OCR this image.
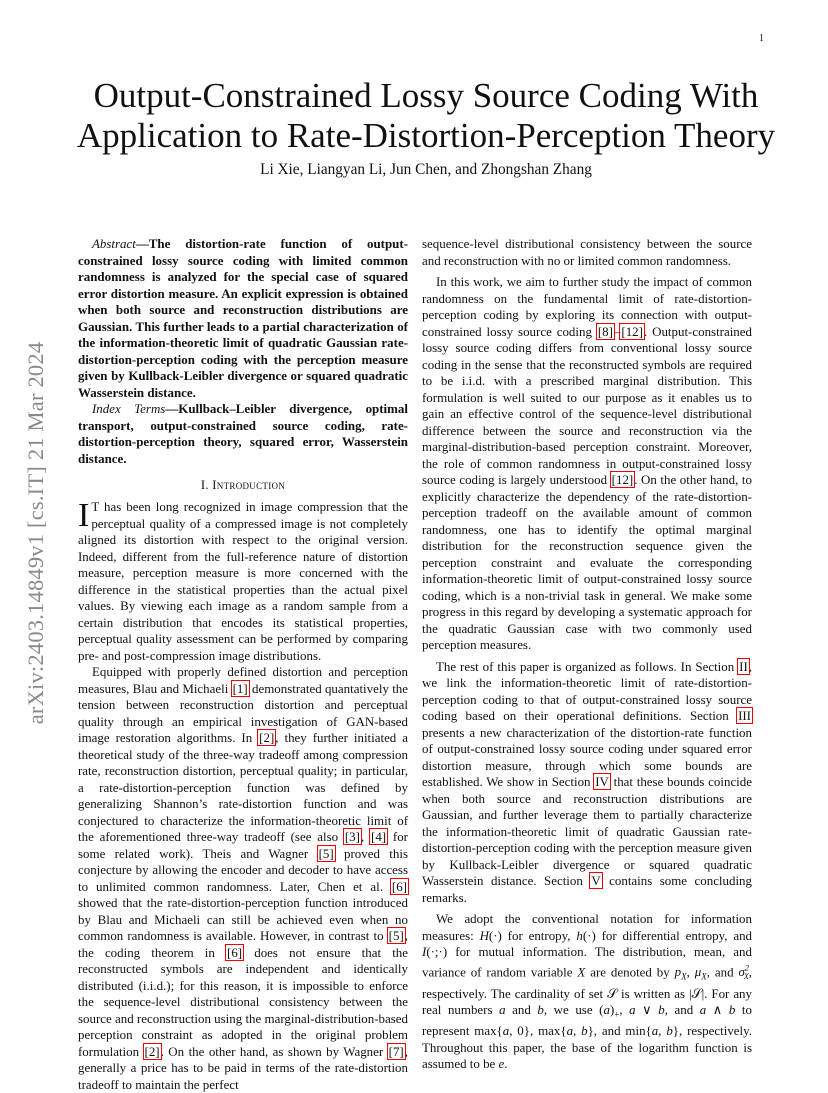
1
arXiv:2403.14849v1 [cs.IT] 21 Mar 2024
Output-Constrained Lossy Source Coding With
Application to Rate-Distortion-Perception Theory
Li Xie, Liangyan Li, Jun Chen, and Zhongshan Zhang

Abstract—The distortion-rate function of output-constrained lossy source coding with limited common randomness is analyzed for the special case of squared error distortion measure. An explicit expression is obtained when both source and reconstruction distributions are Gaussian. This further leads to a partial characterization of the information-theoretic limit of quadratic Gaussian rate-distortion-perception coding with the perception measure given by Kullback-Leibler divergence or squared quadratic Wasserstein distance.

Index Terms—Kullback–Leibler divergence, optimal transport, output-constrained source coding, rate-distortion-perception theory, squared error, Wasserstein distance.

I. Introduction

I T has been long recognized in image compression that the perceptual quality of a compressed image is not completely aligned its distortion with respect to the original version. Indeed, different from the full-reference nature of distortion measure, perception measure is more concerned with the difference in the statistical properties than the actual pixel values. By viewing each image as a random sample from a certain distribution that encodes its statistical properties, perceptual quality assessment can be performed by comparing pre- and post-compression image distributions.

Equipped with properly defined distortion and perception measures, Blau and Michaeli [1] demonstrated quantatively the tension between reconstruction distortion and perceptual quality through an empirical investigation of GAN-based image restoration algorithms. In [2], they further initiated a theoretical study of the three-way tradeoff among compression rate, reconstruction distortion, perceptual quality; in particular, a rate-distortion-perception function was defined by generalizing Shannon’s rate-distortion function and was conjectured to characterize the information-theoretic limit of the aforementioned three-way tradeoff (see also [3], [4] for some related work). Theis and Wagner [5] proved this conjecture by allowing the encoder and decoder to have access to unlimited common randomness. Later, Chen et al. [6] showed that the rate-distortion-perception function introduced by Blau and Michaeli can still be achieved even when no common randomness is available. However, in contrast to [5], the coding theorem in [6] does not ensure that the reconstructed symbols are independent and identically distributed (i.i.d.); for this reason, it is impossible to enforce the sequence-level distributional consistency between the source and reconstruction using the marginal-distribution-based perception constraint as adopted in the original problem formulation [2]. On the other hand, as shown by Wagner [7], generally a price has to be paid in terms of the rate-distortion tradeoff to maintain the perfect

sequence-level distributional consistency between the source and reconstruction with no or limited common randomness.

In this work, we aim to further study the impact of common randomness on the fundamental limit of rate-distortion-perception coding by exploring its connection with output-constrained lossy source coding [8]–[12]. Output-constrained lossy source coding differs from conventional lossy source coding in the sense that the reconstructed symbols are required to be i.i.d. with a prescribed marginal distribution. This formulation is well suited to our purpose as it enables us to gain an effective control of the sequence-level distributional difference between the source and reconstruction via the marginal-distribution-based perception constraint. Moreover, the role of common randomness in output-constrained lossy source coding is largely understood [12]. On the other hand, to explicitly characterize the dependency of the rate-distortion-perception tradeoff on the available amount of common randomness, one has to identify the optimal marginal distribution for the reconstruction sequence given the perception constraint and evaluate the corresponding information-theoretic limit of output-constrained lossy source coding, which is a non-trivial task in general. We make some progress in this regard by developing a systematic approach for the quadratic Gaussian case with two commonly used perception measures.

The rest of this paper is organized as follows. In Section II, we link the information-theoretic limit of rate-distortion-perception coding to that of output-constrained lossy source coding based on their operational definitions. Section III presents a new characterization of the distortion-rate function of output-constrained lossy source coding under squared error distortion measure, through which some bounds are established. We show in Section IV that these bounds coincide when both source and reconstruction distributions are Gaussian, and further leverage them to partially characterize the information-theoretic limit of quadratic Gaussian rate-distortion-perception coding with the perception measure given by Kullback-Leibler divergence or squared quadratic Wasserstein distance. Section V contains some concluding remarks.

We adopt the conventional notation for information measures: H(·) for entropy, h(·) for differential entropy, and I(·;·) for mutual information. The distribution, mean, and variance of random variable X are denoted by $p_X$, $\mu_X$, and $\sigma^2_X$, respectively. The cardinality of set 𝒮 is written as |𝒮|. For any real numbers a and b, we use $(a)_+$, a ∨ b, and a ∧ b to represent max{a, 0}, max{a, b}, and min{a, b}, respectively. Throughout this paper, the base of the logarithm function is assumed to be e.
